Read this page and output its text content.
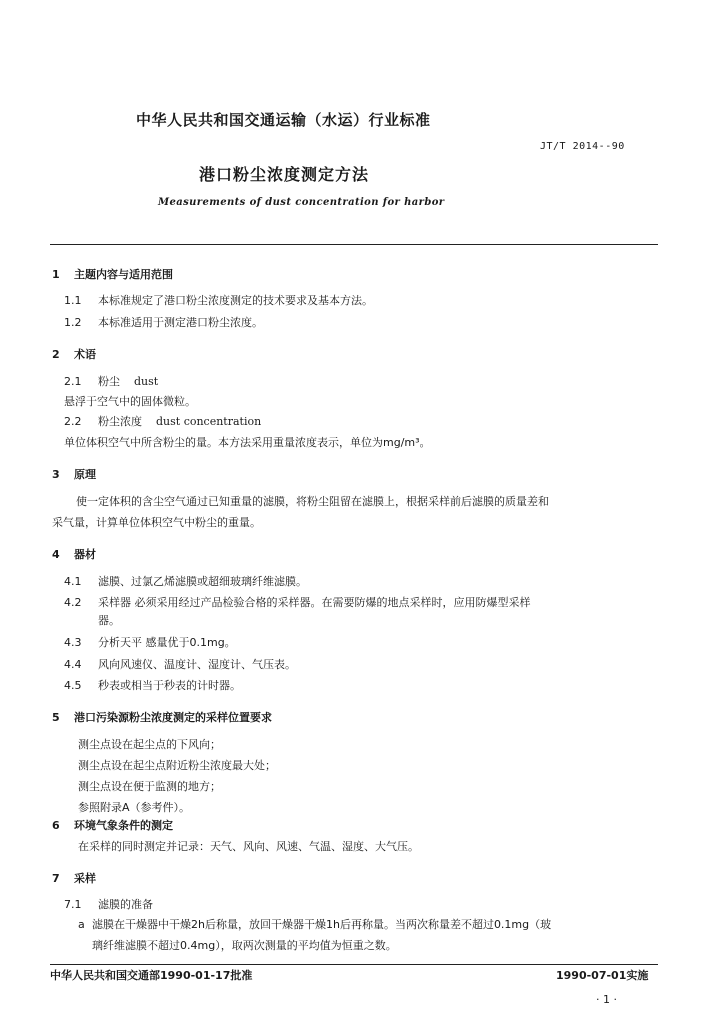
中华人民共和国交通运输（水运）行业标准
JT/T 2014--90
港口粉尘浓度测定方法
Measurements of dust concentration for harbor
1 主题内容与适用范围
1.1 本标准规定了港口粉尘浓度测定的技术要求及基本方法。
1.2 本标准适用于测定港口粉尘浓度。
2 术语
2.1 粉尘 dust
悬浮于空气中的固体微粒。
2.2 粉尘浓度 dust concentration
单位体积空气中所含粉尘的量。本方法采用重量浓度表示，单位为mg/m³。
3 原理
使一定体积的含尘空气通过已知重量的滤膜，将粉尘阻留在滤膜上，根据采样前后滤膜的质量差和
采气量，计算单位体积空气中粉尘的重量。
4 器材
4.1 滤膜、过氯乙烯滤膜或超细玻璃纤维滤膜。
4.2 采样器 必须采用经过产品检验合格的采样器。在需要防爆的地点采样时，应用防爆型采样
器。
4.3 分析天平 感量优于0.1mg。
4.4 风向风速仪、温度计、湿度计、气压表。
4.5 秒表或相当于秒表的计时器。
5 港口污染源粉尘浓度测定的采样位置要求
测尘点设在起尘点的下风向；
测尘点设在起尘点附近粉尘浓度最大处；
测尘点设在便于监测的地方；
参照附录A（参考件）。
6 环境气象条件的测定
在采样的同时测定并记录：天气、风向、风速、气温、湿度、大气压。
7 采样
7.1 滤膜的准备
a 滤膜在干燥器中干燥2h后称量，放回干燥器干燥1h后再称量。当两次称量差不超过0.1mg（玻
璃纤维滤膜不超过0.4mg），取两次测量的平均值为恒重之数。
中华人民共和国交通部1990-01-17批准	1990-07-01实施
· 1 ·
